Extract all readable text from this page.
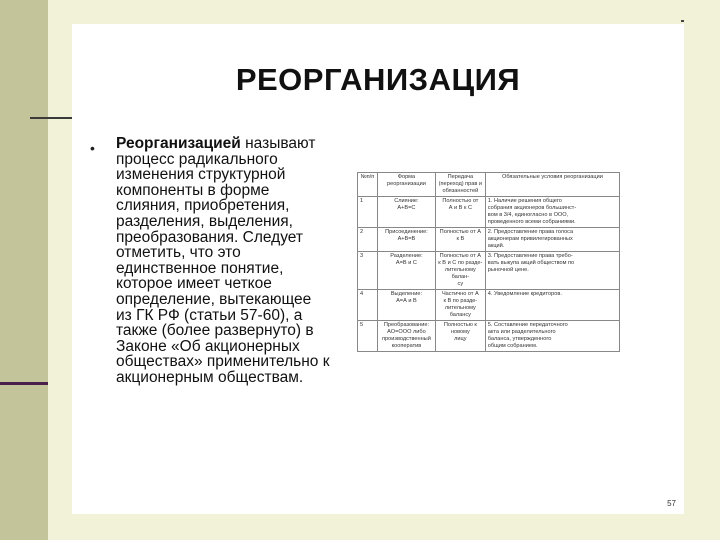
РЕОРГАНИЗАЦИЯ
• Реорганизацией называют
процесс радикального
изменения структурной
компоненты в форме
слияния, приобретения,
разделения, выделения,
преобразования. Следует
отметить, что это
единственное понятие,
которое имеет четкое
определение, вытекающее
из ГК РФ (статьи 57-60), а
также (более развернуто) в
Законе «Об акционерных
обществах» применительно к
акционерным обществам.
№п/п	Форма реорганизации	Передача (переход) прав и обязанностей	Обязательные условия реорганизации
1	Слияние:
А+В=С	Полностью от
А и В к С	1. Наличие решения общего
собрания акционеров большинст-
вом в 3/4, единогласно в ООО,
проведенного всеми собраниями.
2	Присоединение:
А+В=В	Полностью от А
к В	2. Предоставление права голоса
акционерам привилегированных
акций.
3	Разделение:
А=В и С	Полностью от А
к В и С по разде-
лительному балан-
су	3. Предоставление права требо-
вать выкупа акций обществом по
рыночной цене.
4	Выделение:
А=А и В	Частично от А
к В по разде-
лительному балансу	4. Уведомление кредиторов.
5	Преобразование:
АО=ООО либо
производственный
кооператив	Полностью к новому
лицу	5. Составление передаточного
акта или разделительного
баланса, утвержденного
общим собранием.
57
